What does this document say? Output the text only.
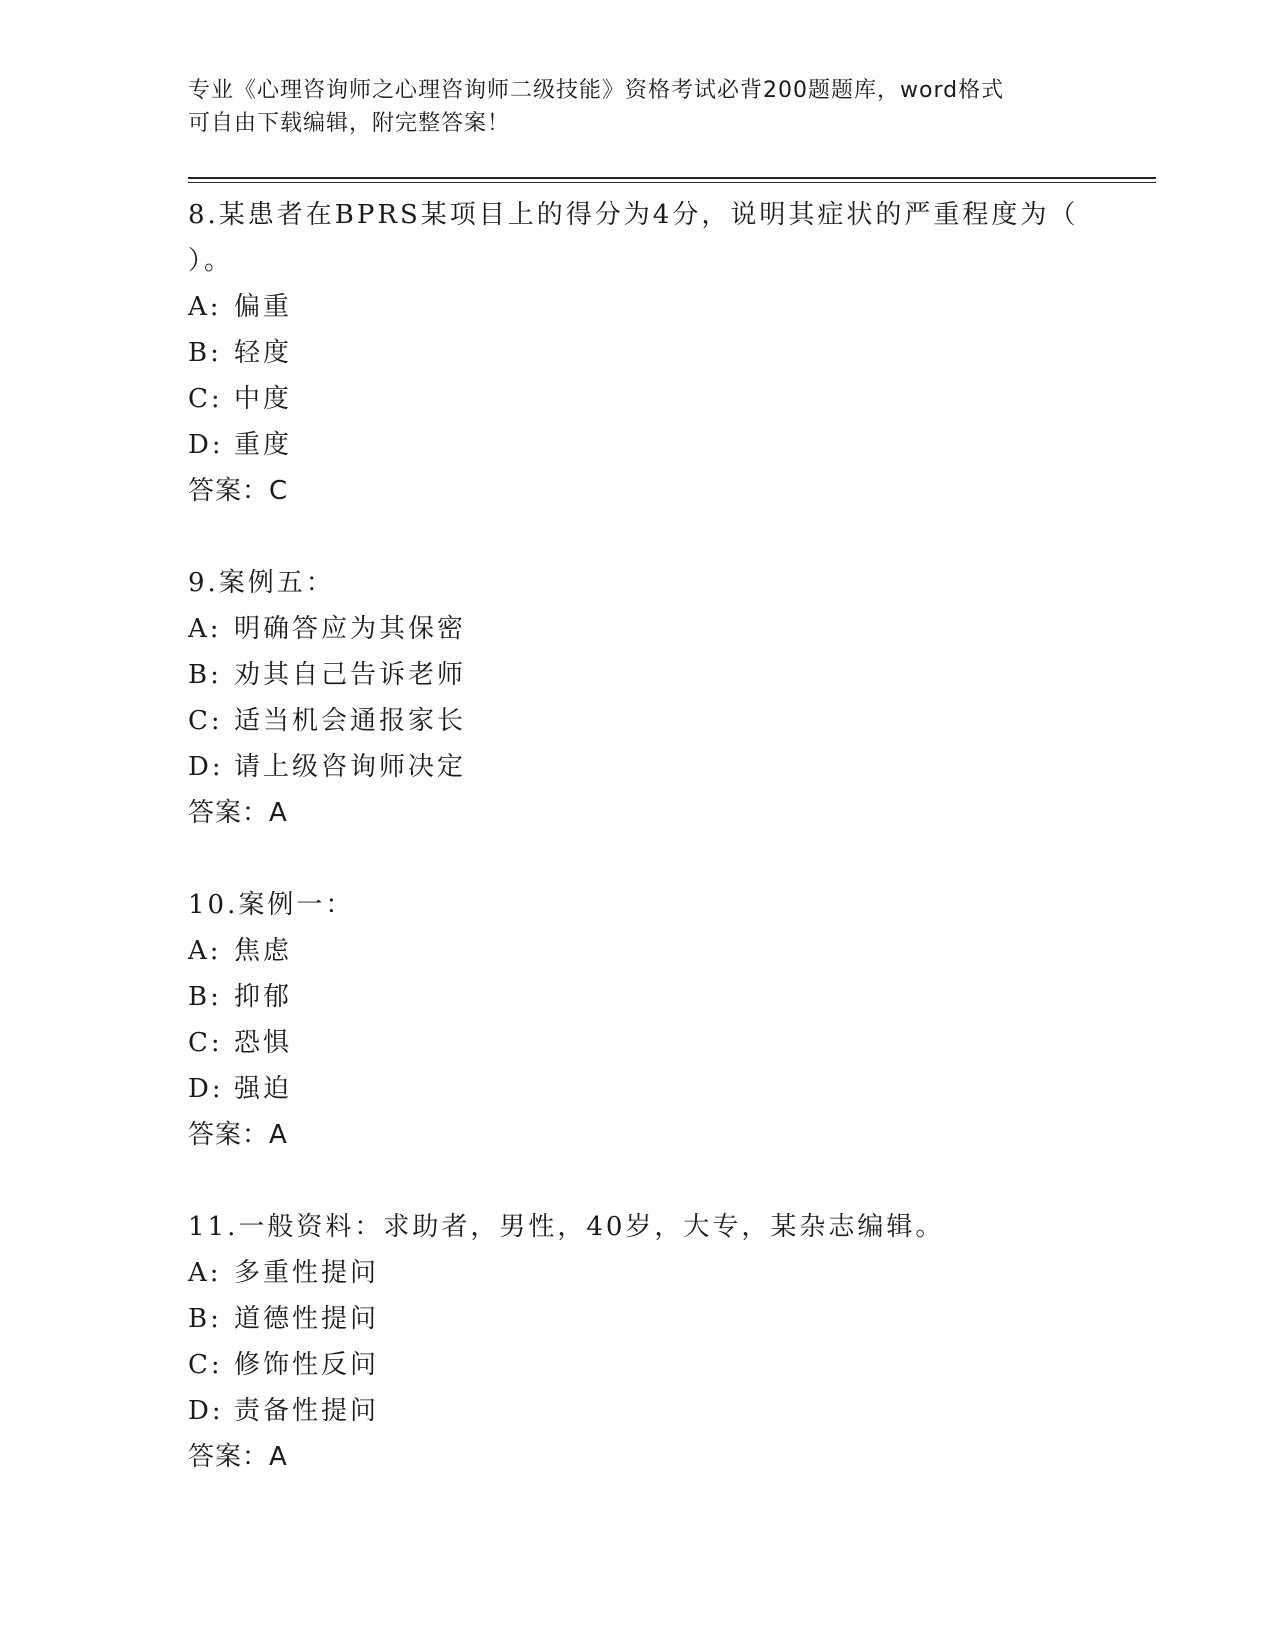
专业《心理咨询师之心理咨询师二级技能》资格考试必背200题题库，word格式
可自由下载编辑，附完整答案！

8.某患者在BPRS某项目上的得分为4分，说明其症状的严重程度为（

）。

A: 偏重

B: 轻度

C: 中度

D: 重度

答案：C

9.案例五：

A: 明确答应为其保密

B: 劝其自己告诉老师

C: 适当机会通报家长

D: 请上级咨询师决定

答案：A

10.案例一：

A: 焦虑

B: 抑郁

C: 恐惧

D: 强迫

答案：A

11.一般资料：求助者，男性，40岁，大专，某杂志编辑。

A: 多重性提问

B: 道德性提问

C: 修饰性反问

D: 责备性提问

答案：A
